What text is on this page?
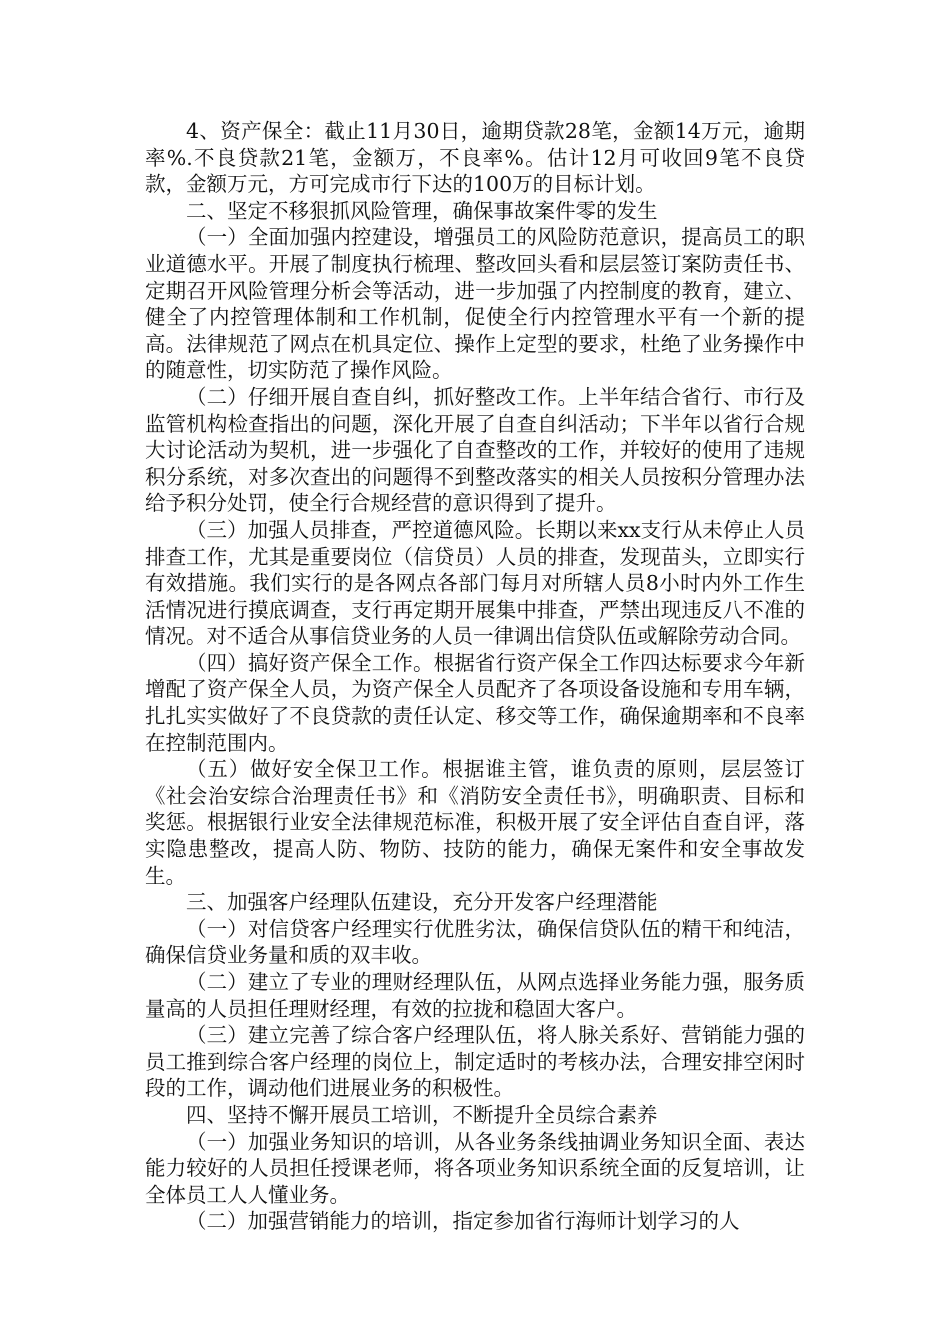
4、资产保全：截止11月30日，逾期贷款28笔，金额14万元，逾期率%.不良贷款21笔，金额万，不良率%。估计12月可收回9笔不良贷款，金额万元，方可完成市行下达的100万的目标计划。

二、坚定不移狠抓风险管理，确保事故案件零的发生

（一）全面加强内控建设，增强员工的风险防范意识，提高员工的职业道德水平。开展了制度执行梳理、整改回头看和层层签订案防责任书、定期召开风险管理分析会等活动，进一步加强了内控制度的教育，建立、健全了内控管理体制和工作机制，促使全行内控管理水平有一个新的提高。法律规范了网点在机具定位、操作上定型的要求，杜绝了业务操作中的随意性，切实防范了操作风险。

（二）仔细开展自查自纠，抓好整改工作。上半年结合省行、市行及监管机构检查指出的问题，深化开展了自查自纠活动；下半年以省行合规大讨论活动为契机，进一步强化了自查整改的工作，并较好的使用了违规积分系统，对多次查出的问题得不到整改落实的相关人员按积分管理办法给予积分处罚，使全行合规经营的意识得到了提升。

（三）加强人员排查，严控道德风险。长期以来xx支行从未停止人员排查工作，尤其是重要岗位（信贷员）人员的排查，发现苗头，立即实行有效措施。我们实行的是各网点各部门每月对所辖人员8小时内外工作生活情况进行摸底调查，支行再定期开展集中排查，严禁出现违反八不准的情况。对不适合从事信贷业务的人员一律调出信贷队伍或解除劳动合同。

（四）搞好资产保全工作。根据省行资产保全工作四达标要求今年新增配了资产保全人员，为资产保全人员配齐了各项设备设施和专用车辆，扎扎实实做好了不良贷款的责任认定、移交等工作，确保逾期率和不良率在控制范围内。

（五）做好安全保卫工作。根据谁主管，谁负责的原则，层层签订《社会治安综合治理责任书》和《消防安全责任书》，明确职责、目标和奖惩。根据银行业安全法律规范标准，积极开展了安全评估自查自评，落实隐患整改，提高人防、物防、技防的能力，确保无案件和安全事故发生。

三、加强客户经理队伍建设，充分开发客户经理潜能

（一）对信贷客户经理实行优胜劣汰，确保信贷队伍的精干和纯洁，确保信贷业务量和质的双丰收。

（二）建立了专业的理财经理队伍，从网点选择业务能力强，服务质量高的人员担任理财经理，有效的拉拢和稳固大客户。

（三）建立完善了综合客户经理队伍，将人脉关系好、营销能力强的员工推到综合客户经理的岗位上，制定适时的考核办法，合理安排空闲时段的工作，调动他们进展业务的积极性。

四、坚持不懈开展员工培训，不断提升全员综合素养

（一）加强业务知识的培训，从各业务条线抽调业务知识全面、表达能力较好的人员担任授课老师，将各项业务知识系统全面的反复培训，让全体员工人人懂业务。

（二）加强营销能力的培训，指定参加省行海师计划学习的人
